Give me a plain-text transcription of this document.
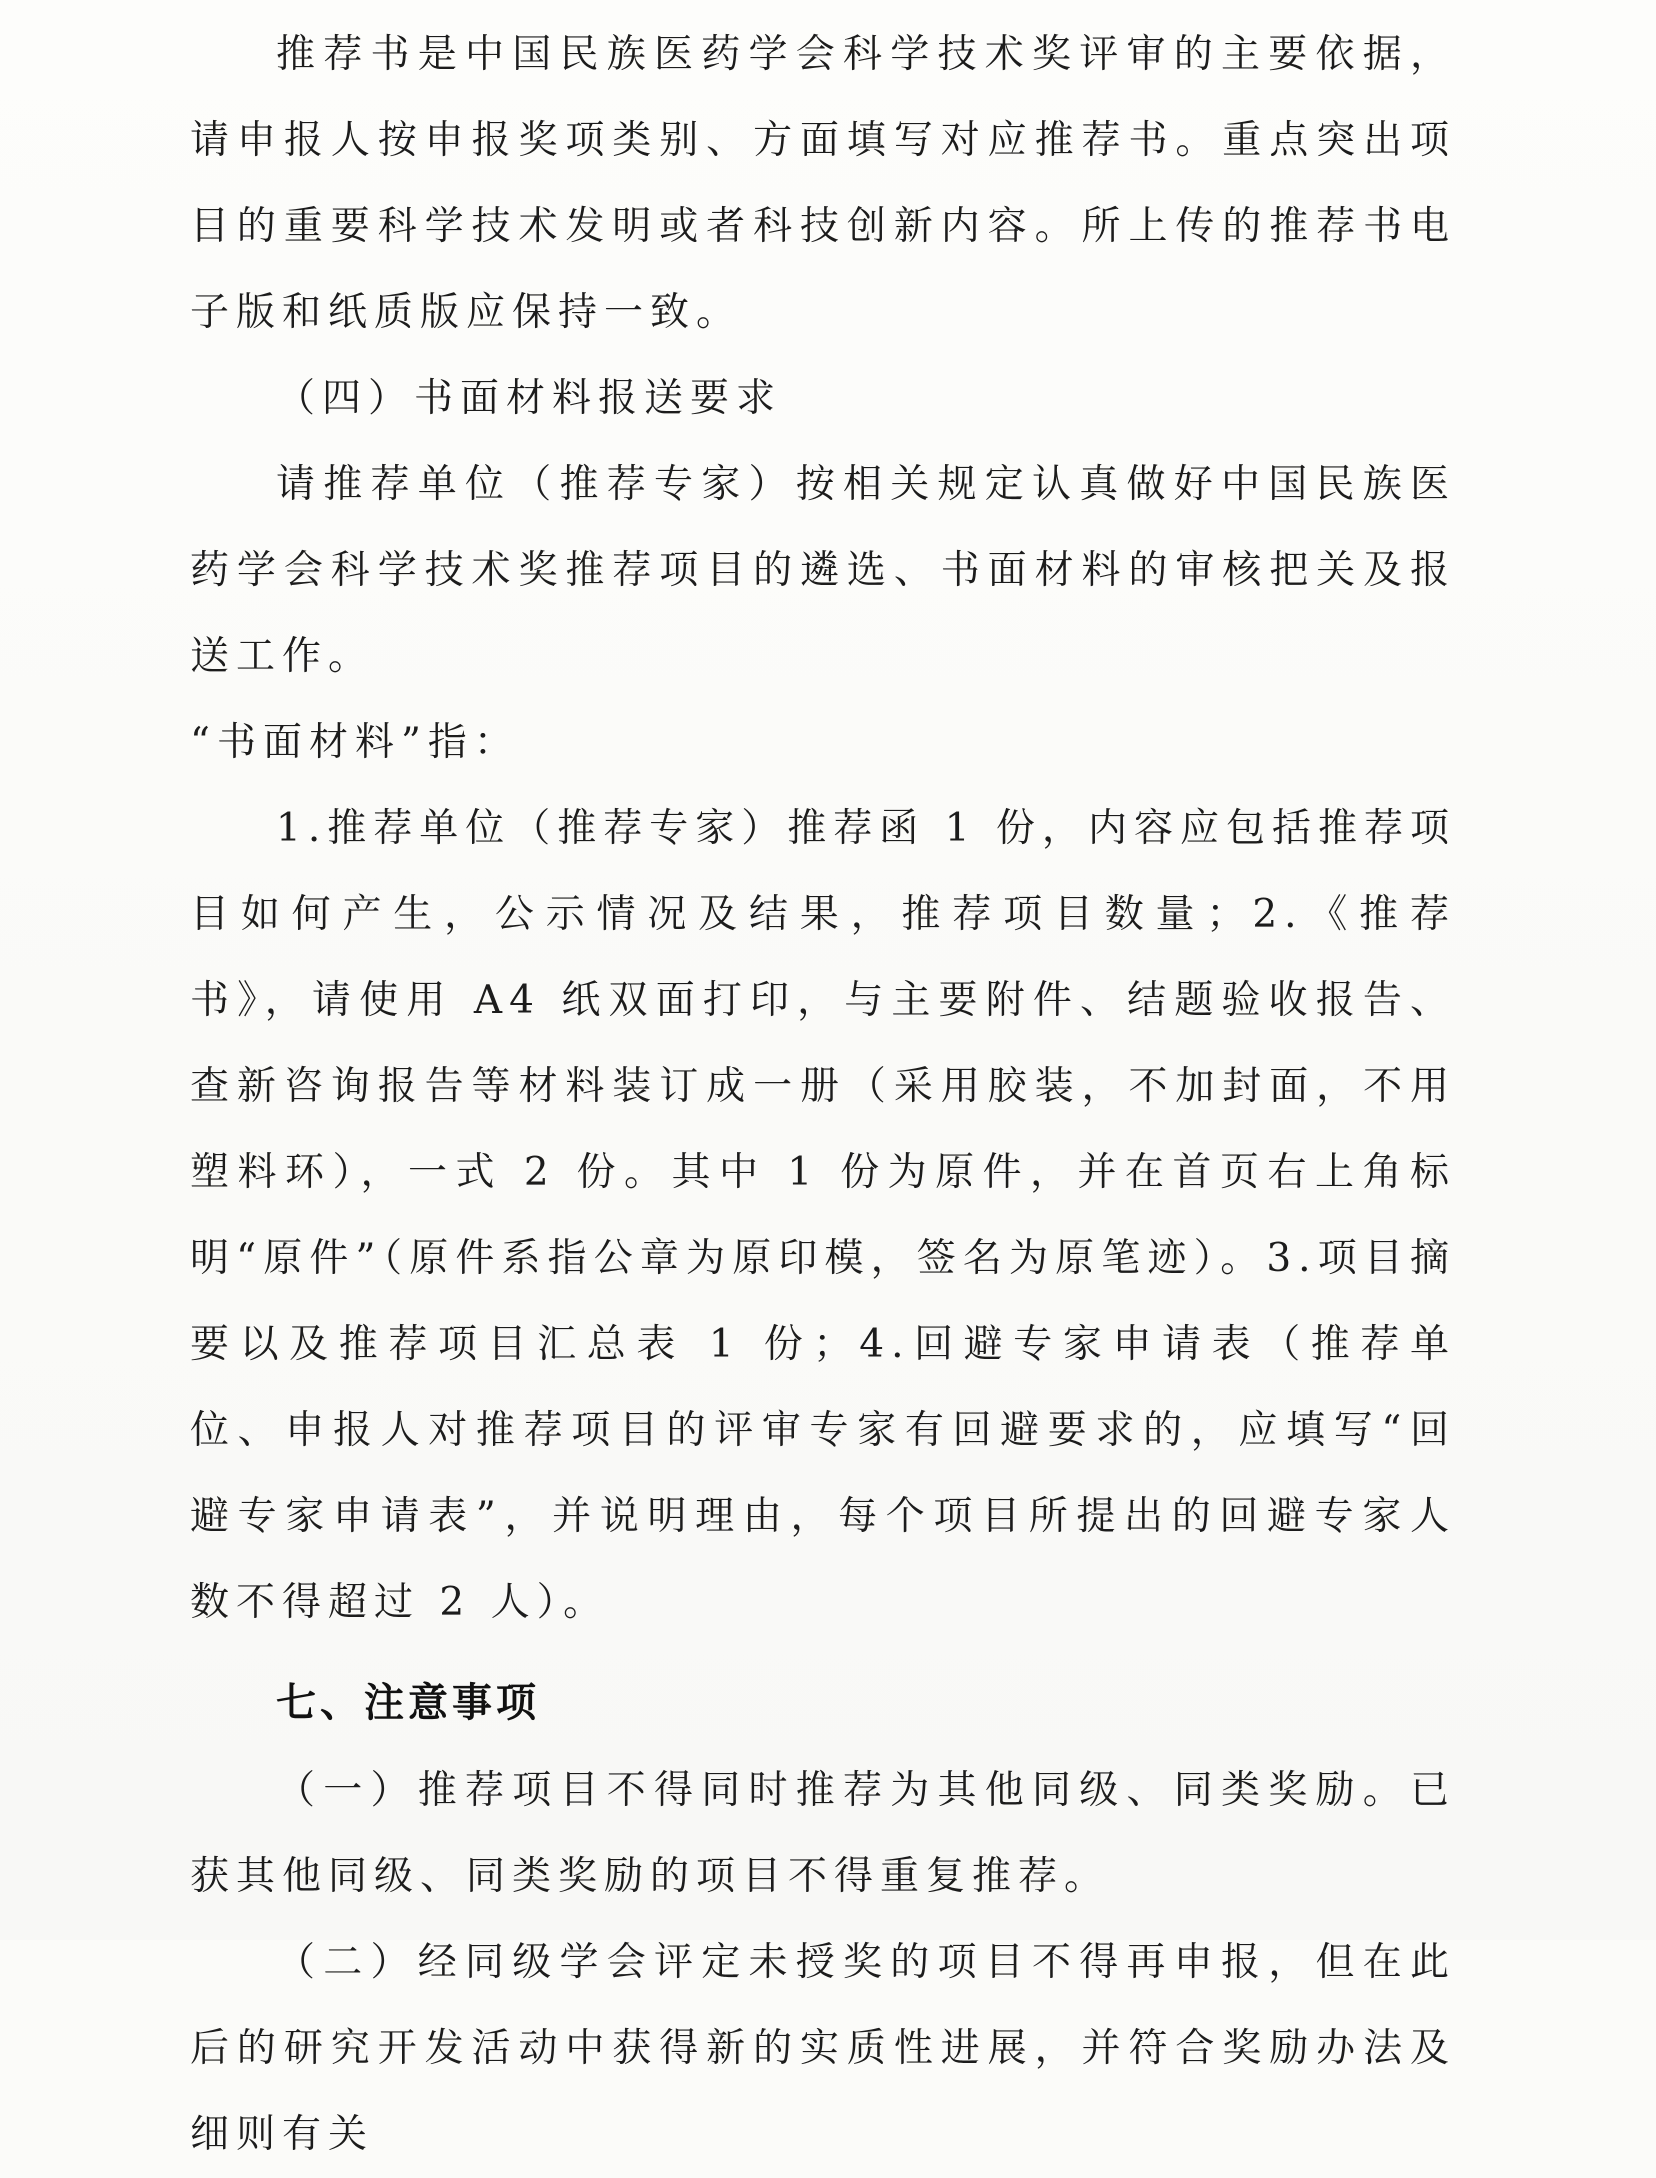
推荐书是中国民族医药学会科学技术奖评审的主要依据，请申报人按申报奖项类别、方面填写对应推荐书。重点突出项目的重要科学技术发明或者科技创新内容。所上传的推荐书电子版和纸质版应保持一致。

（四）书面材料报送要求

请推荐单位（推荐专家）按相关规定认真做好中国民族医药学会科学技术奖推荐项目的遴选、书面材料的审核把关及报送工作。

“书面材料”指：

1.推荐单位（推荐专家）推荐函 1 份，内容应包括推荐项目如何产生，公示情况及结果，推荐项目数量；2.《推荐书》，请使用 A4 纸双面打印，与主要附件、结题验收报告、查新咨询报告等材料装订成一册（采用胶装，不加封面，不用塑料环），一式 2 份。其中 1 份为原件，并在首页右上角标明“原件”（原件系指公章为原印模，签名为原笔迹）。3.项目摘要以及推荐项目汇总表 1 份；4.回避专家申请表（推荐单位、申报人对推荐项目的评审专家有回避要求的，应填写“回避专家申请表”，并说明理由，每个项目所提出的回避专家人数不得超过 2 人）。

七、注意事项

（一）推荐项目不得同时推荐为其他同级、同类奖励。已获其他同级、同类奖励的项目不得重复推荐。

（二）经同级学会评定未授奖的项目不得再申报，但在此后的研究开发活动中获得新的实质性进展，并符合奖励办法及细则有关
